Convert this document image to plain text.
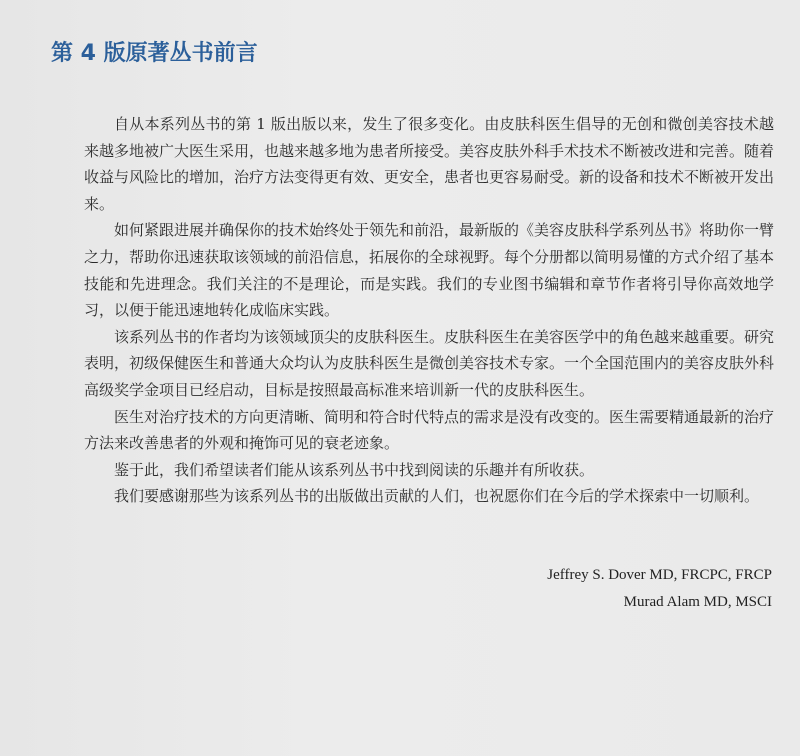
第 4 版原著丛书前言

自从本系列丛书的第 1 版出版以来，发生了很多变化。由皮肤科医生倡导的无创和微创美容技术越来越多地被广大医生采用，也越来越多地为患者所接受。美容皮肤外科手术技术不断被改进和完善。随着收益与风险比的增加，治疗方法变得更有效、更安全，患者也更容易耐受。新的设备和技术不断被开发出来。

如何紧跟进展并确保你的技术始终处于领先和前沿，最新版的《美容皮肤科学系列丛书》将助你一臂之力，帮助你迅速获取该领域的前沿信息，拓展你的全球视野。每个分册都以简明易懂的方式介绍了基本技能和先进理念。我们关注的不是理论，而是实践。我们的专业图书编辑和章节作者将引导你高效地学习，以便于能迅速地转化成临床实践。

该系列丛书的作者均为该领域顶尖的皮肤科医生。皮肤科医生在美容医学中的角色越来越重要。研究表明，初级保健医生和普通大众均认为皮肤科医生是微创美容技术专家。一个全国范围内的美容皮肤外科高级奖学金项目已经启动，目标是按照最高标准来培训新一代的皮肤科医生。

医生对治疗技术的方向更清晰、简明和符合时代特点的需求是没有改变的。医生需要精通最新的治疗方法来改善患者的外观和掩饰可见的衰老迹象。

鉴于此，我们希望读者们能从该系列丛书中找到阅读的乐趣并有所收获。

我们要感谢那些为该系列丛书的出版做出贡献的人们，也祝愿你们在今后的学术探索中一切顺利。

Jeffrey S. Dover MD, FRCPC, FRCP
Murad Alam MD, MSCI
